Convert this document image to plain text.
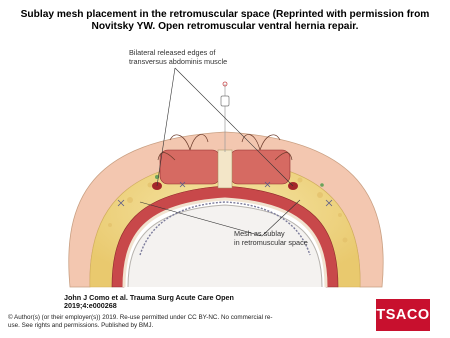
Sublay mesh placement in the retromuscular space (Reprinted with permission from Novitsky YW. Open retromuscular ventral hernia repair.
Bilateral released edges of
transversus abdominis muscle
Mesh as sublay
in retromuscular space
John J Como et al. Trauma Surg Acute Care Open
2019;4:e000268
© Author(s) (or their employer(s)) 2019. Re-use permitted under CC BY-NC. No commercial re-
use. See rights and permissions. Published by BMJ.
TSACO
